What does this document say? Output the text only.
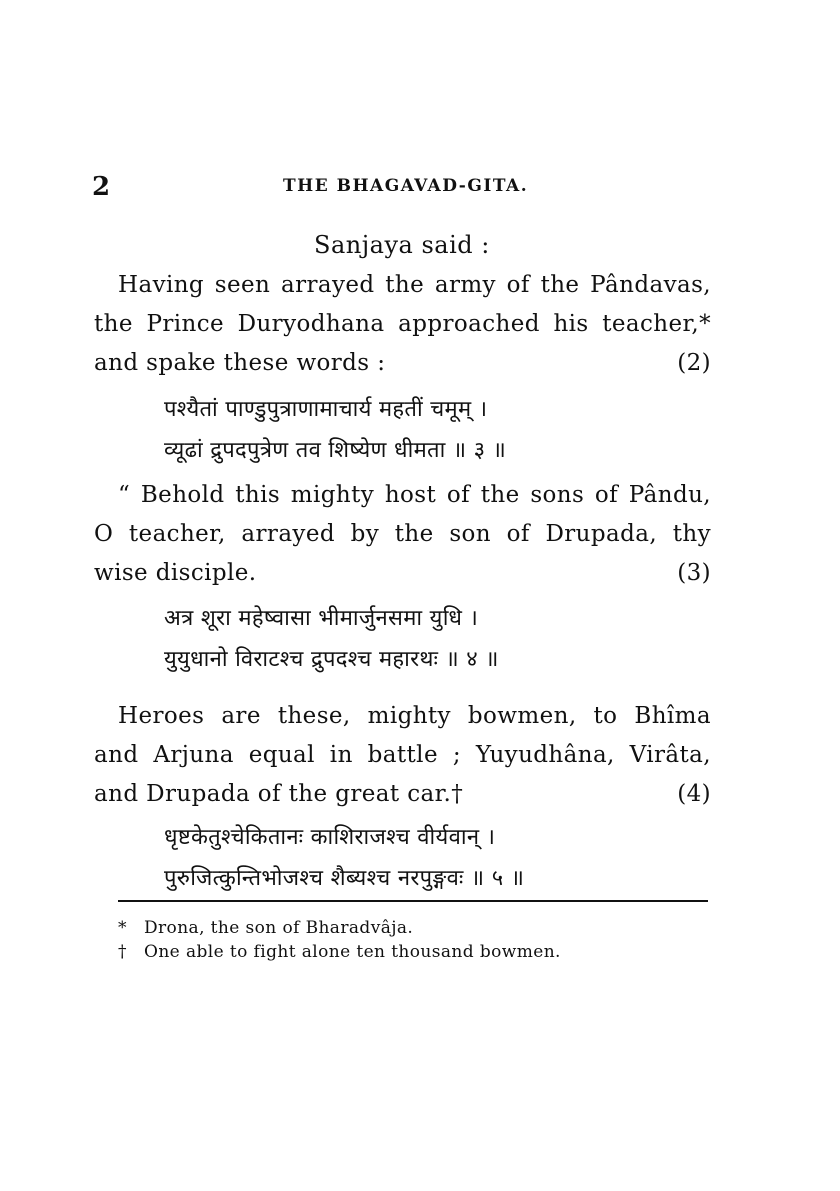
2	THE BHAGAVAD-GITA.
Sanjaya said :
Having seen arrayed the army of the Pândavas,
the Prince Duryodhana approached his teacher,*
and spake these words :	(2)
पश्यैतां पाण्डुपुत्राणामाचार्य महतीं चमूम् ।
व्यूढां द्रुपदपुत्रेण तव शिष्येण धीमता ॥ ३ ॥
“ Behold this mighty host of the sons of Pându,
O teacher, arrayed by the son of Drupada, thy
wise disciple.	(3)
अत्र शूरा महेष्वासा भीमार्जुनसमा युधि ।
युयुधानो विराटश्च द्रुपदश्च महारथः ॥ ४ ॥
Heroes are these, mighty bowmen, to Bhîma
and Arjuna equal in battle ; Yuyudhâna, Virâta,
and Drupada of the great car.†	(4)
धृष्टकेतुश्चेकितानः काशिराजश्च वीर्यवान् ।
पुरुजित्कुन्तिभोजश्च शैब्यश्च नरपुङ्गवः ॥ ५ ॥
* Drona, the son of Bharadvâja.
† One able to fight alone ten thousand bowmen.
